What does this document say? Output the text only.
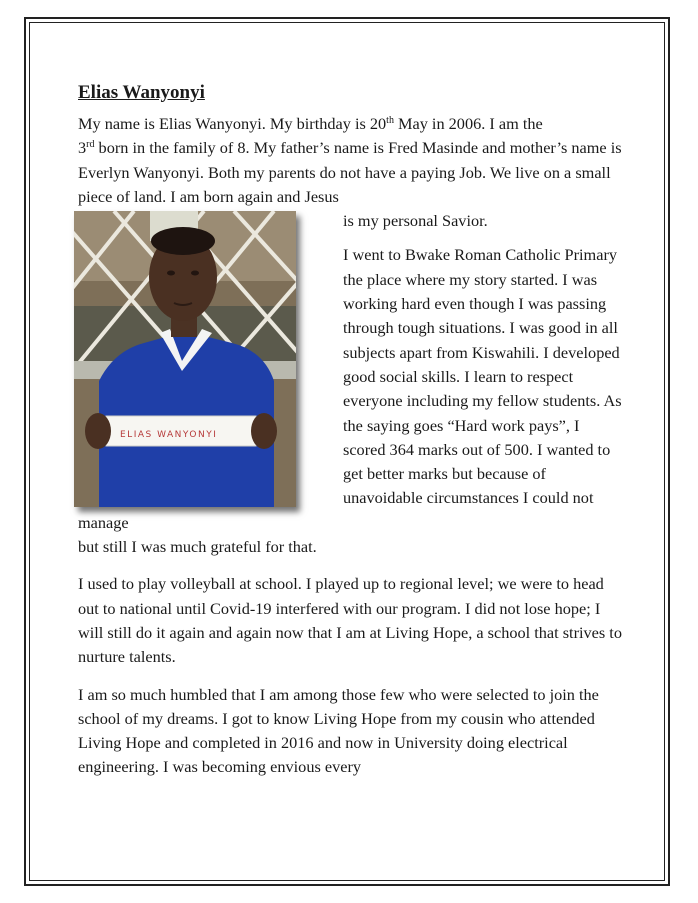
Elias Wanyonyi

My name is Elias Wanyonyi. My birthday is 20th May in 2006. I am the
3rd born in the family of 8. My father’s name is Fred Masinde and mother’s name is Everlyn Wanyonyi. Both my parents do not have a paying Job. We live on a small piece of land. I am born again and Jesus

ELIAS WANYONYI

is my personal Savior.

I went to Bwake Roman Catholic Primary the place where my story started. I was working hard even though I was passing through tough situations. I was good in all subjects apart from Kiswahili. I developed good social skills. I learn to respect everyone including my fellow students. As the saying goes “Hard work pays”, I scored 364 marks out of 500. I wanted to get better marks but because of unavoidable circumstances I could not manage

but still I was much grateful for that.

I used to play volleyball at school. I played up to regional level; we were to head out to national until Covid-19 interfered with our program. I did not lose hope; I will still do it again and again now that I am at Living Hope, a school that strives to nurture talents.

I am so much humbled that I am among those few who were selected to join the school of my dreams. I got to know Living Hope from my cousin who attended Living Hope and completed in 2016 and now in University doing electrical engineering. I was becoming envious every
